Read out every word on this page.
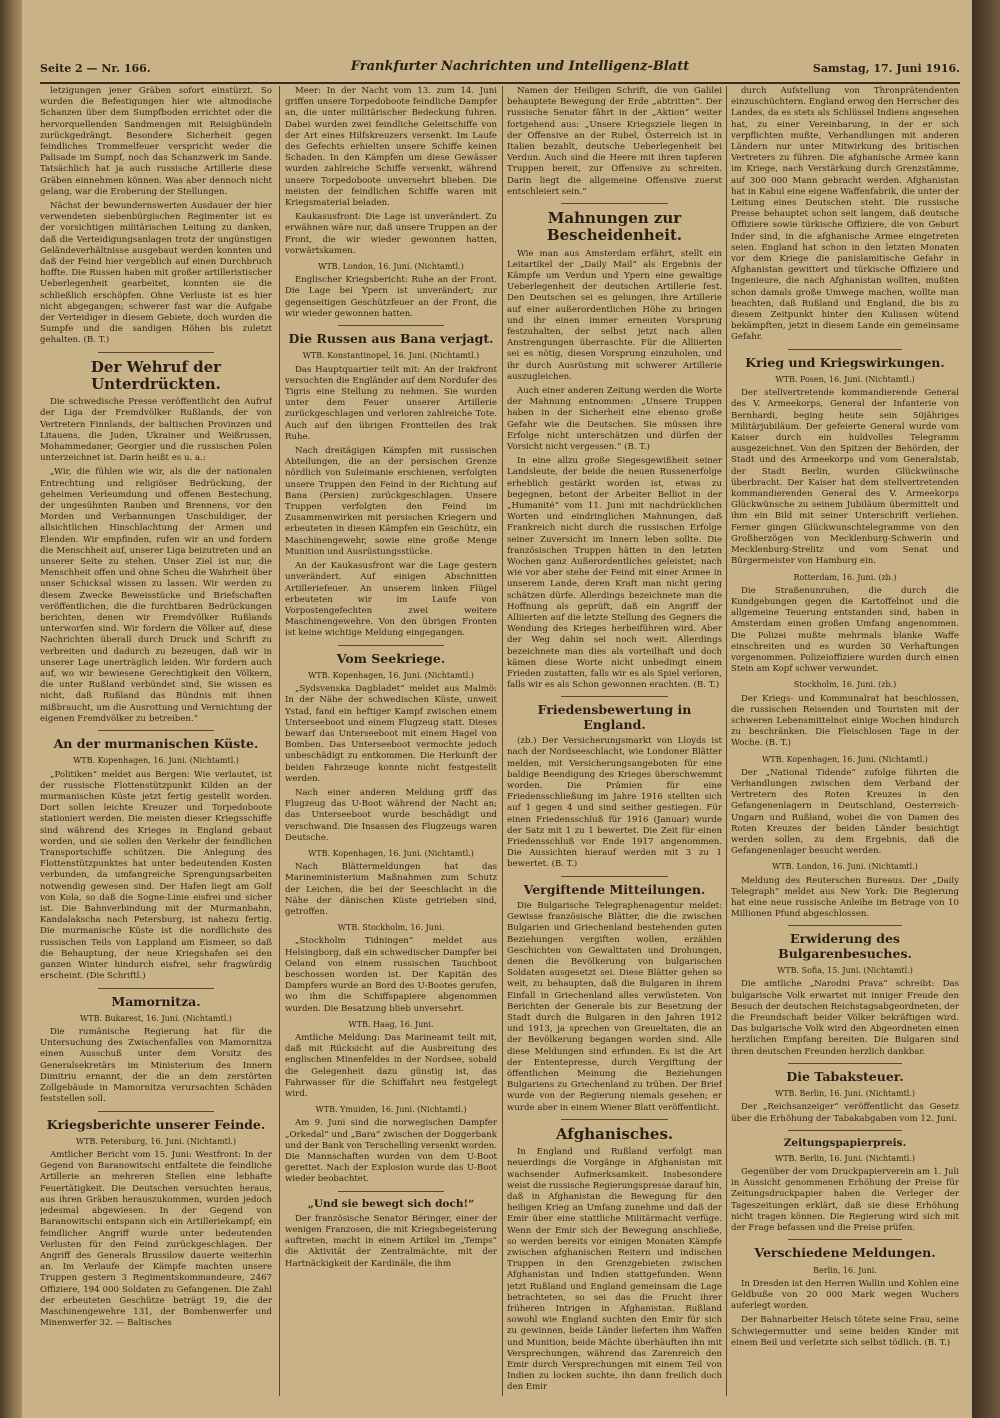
Seite 2 — Nr. 166.	Frankfurter Nachrichten und Intelligenz-Blatt	Samstag, 17. Juni 1916.
letzigungen jener Gräben sofort einstürzt. So wurden die Befestigungen hier wie altmodische Schanzen über dem Sumpfboden errichtet oder die hervorquellenden Sandmengen mit Reisigbündeln zurückgedrängt. Besondere Sicherheit gegen feindliches Trommelfeuer verspricht weder die Palisade im Sumpf, noch das Schanzwerk im Sande. Tatsächlich hat ja auch russische Artillerie diese Gräben einnehmen können. Was aber dennoch nicht gelang, war die Eroberung der Stellungen.
Nächst der bewundernswerten Ausdauer der hier verwendeten siebenbürgischen Regimenter ist es der vorsichtigen militärischen Leitung zu danken, daß die Verteidigungsanlagen trotz der ungünstigen Geländeverhältnisse ausgebaut werden konnten und daß der Feind hier vergeblich auf einen Durchbruch hoffte. Die Russen haben mit großer artilleristischer Ueberlegenheit gearbeitet, konnten sie die schließlich erschöpfen. Ohne Verluste ist es hier nicht abgegangen; schwerer fast war die Aufgabe der Verteidiger in diesem Gebiete, doch wurden die Sumpfe und die sandigen Höhen bis zuletzt gehalten. (B. T.)
Der Wehruf der Unterdrückten.
Die schwedische Presse veröffentlicht den Aufruf der Liga der Fremdvölker Rußlands, der von Vertretern Finnlands, der baltischen Provinzen und Litauens, die Juden, Ukrainer und Weißrussen, Mohammedaner, Georgier und die russischen Polen unterzeichnet ist. Darin heißt es u. a.:
„Wir, die fühlen wie wir, als die der nationalen Entrechtung und religiöser Bedrückung, der geheimen Verleumdung und offenen Bestechung, der ungesühnten Rauben und Brennens, vor den Morden und Verbannungen Unschuldiger, der allsichtlichen Hinschlachtung der Armen und Elenden. Wir empfinden, rufen wir an und fordern die Menschheit auf, unserer Liga beizutreten und an unserer Seite zu stehen. Unser Ziel ist nur, die Menschheit offen und ohne Scheu die Wahrheit über unser Schicksal wissen zu lassen. Wir werden zu diesem Zwecke Beweisstücke und Briefschaften veröffentlichen, die die furchtbaren Bedrückungen berichten, denen wir Fremdvölker Rußlands unterworfen sind. Wir fordern die Völker auf, diese Nachrichten überall durch Druck und Schrift zu verbreiten und dadurch zu bezeugen, daß wir in unserer Lage unerträglich leiden. Wir fordern auch auf, wo wir bewiesene Gerechtigkeit den Völkern, die unter Rußland verbündet sind, Sie wissen es nicht, daß Rußland das Bündnis mit ihnen mißbraucht, um die Ausrottung und Vernichtung der eigenen Fremdvölker zu betreiben.“
An der murmanischen Küste.
WTB. Kopenhagen, 16. Juni. (Nichtamtl.)
„Politiken“ meldet aus Bergen: Wie verlautet, ist der russische Flottenstützpunkt Kilden an der murmanischen Küste jetzt fertig gestellt worden. Dort sollen leichte Kreuzer und Torpedoboote stationiert werden. Die meisten dieser Kriegsschiffe sind während des Krieges in England gebaut worden, und sie sollen den Verkehr der feindlichen Transportschiffe schützen. Die Anlegung des Flottenstützpunktes hat unter bedeutenden Kosten verbunden, da umfangreiche Sprengungsarbeiten notwendig gewesen sind. Der Hafen liegt am Golf von Kola, so daß die Sogne-Linie eisfrei und sicher ist. Die Bahnverbindung mit der Murmanbahn, Kandalakscha nach Petersburg, ist nahezu fertig. Die murmanische Küste ist die nordlichste des russischen Teils von Lappland am Eismeer, so daß die Behauptung, der neue Kriegshafen sei den ganzen Winter hindurch eisfrei, sehr fragwürdig erscheint. (Die Schriftl.)
Mamornitza.
WTB. Bukarest, 16. Juni. (Nichtamtl.)
Die rumänische Regierung hat für die Untersuchung des Zwischenfalles von Mamornitza einen Ausschuß unter dem Vorsitz des Generalsekretärs im Ministerium des Innern Dimitriu ernannt, der die an dem zerstörten Zollgebäude in Mamornitza verursachten Schäden feststellen soll.
Kriegsberichte unserer Feinde.
WTB. Petersburg, 16. Juni. (Nichtamtl.)
Amtlicher Bericht vom 15. Juni: Westfront: In der Gegend von Baranowitschi entfaltete die feindliche Artillerie an mehreren Stellen eine lebhafte Feuertätigkeit. Die Deutschen versuchten heraus, aus ihren Gräben herauszukommen, wurden jedoch jedesmal abgewiesen. In der Gegend von Baranowitschi entspann sich ein Artilleriekampf; ein feindlicher Angriff wurde unter bedeutenden Verlusten für den Feind zurückgeschlagen. Der Angriff des Generals Brussilow dauerte weiterhin an. Im Verlaufe der Kämpfe machten unsere Truppen gestern 3 Regimentskommandeure, 2467 Offiziere, 194 000 Soldaten zu Gefangenen. Die Zahl der erbeuteten Geschütze beträgt 19, die der Maschinengewehre 131, der Bombenwerfer und Minenwerfer 32. — Baltisches
Meer: In der Nacht vom 13. zum 14. Juni griffen unsere Torpedoboote feindliche Dampfer an, die unter militärischer Bedeckung fuhren. Dabei wurden zwei feindliche Geleitschiffe von der Art eines Hilfskreuzers versenkt. Im Laufe des Gefechts erhielten unsere Schiffe keinen Schaden. In den Kämpfen um diese Gewässer wurden zahlreiche Schiffe versenkt, während unsere Torpedoboote unversehrt blieben. Die meisten der feindlichen Schiffe waren mit Kriegsmaterial beladen.
Kaukasusfront: Die Lage ist unverändert. Zu erwähnen wäre nur, daß unsere Truppen an der Front, die wir wieder gewonnen hatten, vorwärtskamen.
WTB. London, 16. Juni. (Nichtamtl.)
Englischer Kriegsbericht: Ruhe an der Front. Die Lage bei Ypern ist unverändert; zur gegenseitigen Geschützfeuer an der Front, die wir wieder gewonnen hatten.
Die Russen aus Bana verjagt.
WTB. Konstantinopel, 16. Juni. (Nichtamtl.)
Das Hauptquartier teilt mit: An der Irakfront versuchten die Engländer auf dem Nordufer des Tigris eine Stellung zu nehmen. Sie wurden unter dem Feuer unserer Artillerie zurückgeschlagen und verloren zahlreiche Tote. Auch auf den übrigen Frontteilen des Irak Ruhe.
Nach dreitägigen Kämpfen mit russischen Abteilungen, die an der persischen Grenze nördlich von Suleimanie erschienen, verfolgten unsere Truppen den Feind in der Richtung auf Bana (Persien) zurückgeschlagen. Unsere Truppen verfolgten den Feind im Zusammenwirken mit persischen Kriegern und erbeuteten in diesen Kämpfen ein Geschütz, ein Maschinengewehr, sowie eine große Menge Munition und Ausrüstungsstücke.
An der Kaukasusfront war die Lage gestern unverändert. Auf einigen Abschnitten Artilleriefeuer. An unserem linken Flügel erbeuteten wir im Laufe von Vorpostengefechten zwei weitere Maschinengewehre. Von den übrigen Fronten ist keine wichtige Meldung eingegangen.
Vom Seekriege.
WTB. Kopenhagen, 16. Juni. (Nichtamtl.)
„Sydsvenska Dagbladet“ meldet aus Malmö: In der Nähe der schwedischen Küste, unweit Ystad, fand ein heftiger Kampf zwischen einem Unterseeboot und einem Flugzeug statt. Dieses bewarf das Unterseeboot mit einem Hagel von Bomben. Das Unterseeboot vermochte jedoch unbeschädigt zu entkommen. Die Herkunft der beiden Fahrzeuge konnte nicht festgestellt werden.
Nach einer anderen Meldung griff das Flugzeug das U-Boot während der Nacht an; das Unterseeboot wurde beschädigt und verschwand. Die Insassen des Flugzeugs waren Deutsche.
WTB. Kopenhagen, 16. Juni. (Nichtamtl.)
Nach Blättermeldungen hat das Marineministerium Maßnahmen zum Schutz der Leichen, die bei der Seeschlacht in die Nähe der dänischen Küste getrieben sind, getroffen.
WTB. Stockholm, 16. Juni.
„Stockholm Tidningen“ meldet aus Helsingborg, daß ein schwedischer Dampfer bei Oeland von einem russischen Tauchboot beschossen worden ist. Der Kapitän des Dampfers wurde an Bord des U-Bootes gerufen, wo ihm die Schiffspapiere abgenommen wurden. Die Besatzung blieb unversehrt.
WTB. Haag, 16. Juni.
Amtliche Meldung: Das Marineamt teilt mit, daß mit Rücksicht auf die Ausbreitung des englischen Minenfeldes in der Nordsee, sobald die Gelegenheit dazu günstig ist, das Fahrwasser für die Schiffahrt neu festgelegt wird.
WTB. Ymuiden, 16. Juni. (Nichtamtl.)
Am 9. Juni sind die norwegischen Dampfer „Orkedal“ und „Bara“ zwischen der Doggerbank und der Bank von Terschelling versenkt worden. Die Mannschaften wurden von dem U-Boot gerettet. Nach der Explosion wurde das U-Boot wieder beobachtet.
„Und sie bewegt sich doch!“
Der französische Senator Béringer, einer der wenigen Franzosen, die mit Kriegsbegeisterung auftreten, macht in einem Artikel im „Temps“ die Aktivität der Zentralmächte, mit der Hartnäckigkeit der Kardinäle, die ihm
Namen der Heiligen Schrift, die von Galilei behauptete Bewegung der Erde „abtritten“. Der russische Senator fährt in der „Aktion“ weiter fortgehend aus: „Unsere Kriegsziele liegen in der Offensive an der Rubel, Österreich ist in Italien bezahlt, deutsche Ueberlegenheit bei Verdun. Auch sind die Heere mit ihren tapferen Truppen bereit, zur Offensive zu schreiten. Darin liegt die allgemeine Offensive zuerst entschleiert sein.“
Mahnungen zur Bescheidenheit.
Wie man aus Amsterdam erfährt, stellt ein Leitartikel der „Daily Mail“ als Ergebnis der Kämpfe um Verdun und Ypern eine gewaltige Ueberlegenheit der deutschen Artillerie fest. Den Deutschen sei es gelungen, ihre Artillerie auf einer außerordentlichen Höhe zu bringen und ihr einen immer erneuten Vorsprung festzuhalten, der selbst jetzt nach allen Anstrengungen überraschte. Für die Alliierten sei es nötig, diesen Vorsprung einzuholen, und ihr durch Ausrüstung mit schwerer Artillerie auszugleichen.
Auch einer anderen Zeitung werden die Worte der Mahnung entnommen: „Unsere Truppen haben in der Sicherheit eine ebenso große Gefahr wie die Deutschen. Sie müssen ihre Erfolge nicht unterschätzen und dürfen der Vorsicht nicht vergessen.“ (B. T.)
In eine allzu große Siegesgewißheit seiner Landsleute, der beide die neuen Russenerfolge erheblich gestärkt worden ist, etwas zu begegnen, betont der Arbeiter Belliot in der „Humanité“ vom 11. Juni mit nachdrücklichen Worten und eindringlichen Mahnungen, daß Frankreich nicht durch die russischen Erfolge seiner Zuversicht im Innern leben sollte. Die französischen Truppen hätten in den letzten Wochen ganz Außerordentliches geleistet; nach wie vor aber stehe der Feind mit einer Armee in unserem Lande, deren Kraft man nicht gering schätzen dürfe. Allerdings bezeichnete man die Hoffnung als geprüft, daß ein Angriff der Alliierten auf die letzte Stellung des Gegners die Wendung des Krieges herbeiführen wird. Aber der Weg dahin sei noch weit. Allerdings bezeichnete man dies als vorteilhaft und doch kämen diese Worte nicht unbedingt einem Frieden zustatten, falls wir es als Spiel verloren, falls wir es als Schon gewonnen erachten. (B. T.)
Friedensbewertung in England.
(zb.) Der Versicherungsmarkt von Lloyds ist nach der Nordseeschlacht, wie Londoner Blätter melden, mit Versicherungsangeboten für eine baldige Beendigung des Krieges überschwemmt worden. Die Prämien für eine Friedensschließung im Jahre 1916 stellten sich auf 1 gegen 4 und sind seither gestiegen. Für einen Friedensschluß für 1916 (Januar) wurde der Satz mit 1 zu 1 bewertet. Die Zeit für einen Friedensschluß vor Ende 1917 angenommen. Die Aussichten hierauf werden mit 3 zu 1 bewertet. (B. T.)
Vergiftende Mitteilungen.
Die Bulgarische Telegraphenagentur meldet: Gewisse französische Blätter, die die zwischen Bulgarien und Griechenland bestehenden guten Beziehungen vergiften wollen, erzählen Geschichten von Gewalttaten und Drohungen, denen die Bevölkerung von bulgarischen Soldaten ausgesetzt sei. Diese Blätter gehen so weit, zu behaupten, daß die Bulgaren in ihrem Einfall in Griechenland alles verwüsteten. Von Berichten der Generale bis zur Besetzung der Stadt durch die Bulgaren in den Jahren 1912 und 1913, ja sprechen von Greueltaten, die an der Bevölkerung begangen worden sind. Alle diese Meldungen sind erfunden. Es ist die Art der Ententepresse, durch Vergiftung der öffentlichen Meinung die Beziehungen Bulgariens zu Griechenland zu trüben. Der Brief wurde von der Regierung niemals gesehen; er wurde aber in einem Wiener Blatt veröffentlicht.
Afghanisches.
In England und Rußland verfolgt man neuerdings die Vorgänge in Afghanistan mit wachsender Aufmerksamkeit. Insbesondere weist die russische Regierungspresse darauf hin, daß in Afghanistan die Bewegung für den heiligen Krieg an Umfang zunehme und daß der Emir über eine stattliche Militärmacht verfüge. Wenn der Emir sich der Bewegung anschließe, so werden bereits vor einigen Monaten Kämpfe zwischen afghanischen Reitern und indischen Truppen in den Grenzgebieten zwischen Afghanistan und Indien stattgefunden. Wenn jetzt Rußland und England gemeinsam die Lage betrachteten, so sei das die Frucht ihrer früheren Intrigen in Afghanistan. Rußland sowohl wie England suchten den Emir für sich zu gewinnen, beide Länder lieferten ihm Waffen und Munition, beide Mächte überhäuften ihn mit Versprechungen, während das Zarenreich den Emir durch Versprechungen mit einem Teil von Indien zu locken suchte, ihn dann freilich doch den Emir
durch Aufstellung von Thronprätendenten einzuschüchtern. England erwog den Herrscher des Landes, da es stets als Schlüssel Indiens angesehen hat, zu einer Vereinbarung, in der er sich verpflichten mußte, Verhandlungen mit anderen Ländern nur unter Mitwirkung des britischen Vertreters zu führen. Die afghanische Armee kann im Kriege, nach Verstärkung durch Grenzstämme, auf 300 000 Mann gebracht werden. Afghanistan hat in Kabul eine eigene Waffenfabrik, die unter der Leitung eines Deutschen steht. Die russische Presse behauptet schon seit langem, daß deutsche Offiziere sowie türkische Offiziere, die von Geburt Inder sind, in die afghanische Armee eingetreten seien. England hat schon in den letzten Monaten vor dem Kriege die panislamitische Gefahr in Afghanistan gewittert und türkische Offiziere und Ingenieure, die nach Afghanistan wollten, mußten schon damals große Umwege machen, wollte man beachten, daß Rußland und England, die bis zu diesem Zeitpunkt hinter den Kulissen wütend bekämpften, jetzt in diesem Lande ein gemeinsame Gefahr.
Krieg und Kriegswirkungen.
WTB. Posen, 16. Juni. (Nichtamtl.)
Der stellvertretende kommandierende General des V. Armeekorps, General der Infanterie von Bernhardi, beging heute sein 50jähriges Militärjubiläum. Der gefeierte General wurde vom Kaiser durch ein huldvolles Telegramm ausgezeichnet. Von den Spitzen der Behörden, der Stadt und des Armeekorps und vom Generalstab, der Stadt Berlin, wurden Glückwünsche überbracht. Der Kaiser hat dem stellvertretenden kommandierenden General des V. Armeekorps Glückwünsche zu seinem Jubiläum übermittelt und ihm ein Bild mit seiner Unterschrift verliehen. Ferner gingen Glückwunschtelegramme von den Großherzögen von Mecklenburg-Schwerin und Mecklenburg-Strelitz und vom Senat und Bürgermeister von Hamburg ein.
Rotterdam, 16. Juni. (zb.)
Die Straßenunruhen, die durch die Kundgebungen gegen die Kartoffelnot und die allgemeine Teuerung entstanden sind, haben in Amsterdam einen großen Umfang angenommen. Die Polizei mußte mehrmals blanke Waffe einschreiten und es wurden 30 Verhaftungen vorgenommen. Polizeioffiziere wurden durch einen Stein am Kopf schwer verwundet.
Stockholm, 16. Juni. (zb.)
Der Kriegs- und Kommunalrat hat beschlossen, die russischen Reisenden und Touristen mit der schweren Lebensmittelnot einige Wochen hindurch zu beschränken. Die Fleischlosen Tage in der Woche. (B. T.)
WTB. Kopenhagen, 16. Juni. (Nichtamtl.)
Der „National Tidende“ zufolge führten die Verhandlungen zwischen dem Verband der Vertretern des Roten Kreuzes in den Gefangenenlagern in Deutschland, Oesterreich-Ungarn und Rußland, wobei die von Damen des Roten Kreuzes der beiden Länder besichtigt werden sollen, zu dem Ergebnis, daß die Gefangenenlager besucht werden.
WTB. London, 16. Juni. (Nichtamtl.)
Meldung des Reuterschen Bureaus. Der „Daily Telegraph“ meldet aus New York: Die Regierung hat eine neue russische Anleihe im Betrage von 10 Millionen Pfund abgeschlossen.
Erwiderung des Bulgarenbesuches.
WTB. Sofia, 15. Juni. (Nichtamtl.)
Die amtliche „Narodni Prava“ schreibt: Das bulgarische Volk erwartet mit inniger Freude den Besuch der deutschen Reichstagsabgeordneten, der die Freundschaft beider Völker bekräftigen wird. Das bulgarische Volk wird den Abgeordneten einen herzlichen Empfang bereiten. Die Bulgaren sind ihren deutschen Freunden herzlich dankbar.
Die Tabaksteuer.
WTB. Berlin, 16. Juni. (Nichtamtl.)
Der „Reichsanzeiger“ veröffentlicht das Gesetz über die Erhöhung der Tabakabgaben vom 12. Juni.
Zeitungspapierpreis.
WTB. Berlin, 16. Juni. (Nichtamtl.)
Gegenüber der vom Druckpapierverein am 1. Juli in Aussicht genommenen Erhöhung der Preise für Zeitungsdruckpapier haben die Verleger der Tageszeitungen erklärt, daß sie diese Erhöhung nicht tragen können. Die Regierung wird sich mit der Frage befassen und die Preise prüfen.
Verschiedene Meldungen.
Berlin, 16. Juni.
In Dresden ist den Herren Wallin und Kohlen eine Geldbuße von 20 000 Mark wegen Wuchers auferlegt worden.
Der Bahnarbeiter Heisch tötete seine Frau, seine Schwiegermutter und seine beiden Kinder mit einem Beil und verletzte sich selbst tödlich. (B. T.)
